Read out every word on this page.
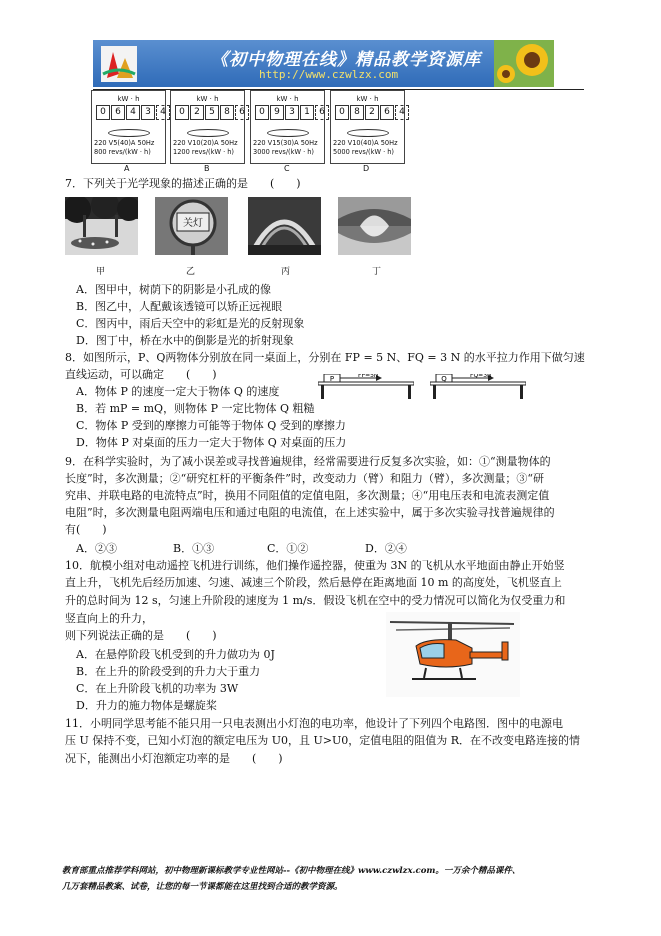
《初中物理在线》精品教学资源库
http://www.czwlzx.com
kW · h
0	6	4	3	4
220 V5(40)A 50Hz
800 revs/(kW · h)
A
kW · h
0	2	5	8	6
220 V10(20)A 50Hz
1200 revs/(kW · h)
B
kW · h
0	9	3	1	6
220 V15(30)A 50Hz
3000 revs/(kW · h)
C
kW · h
0	8	2	6	4
220 V10(40)A 50Hz
5000 revs/(kW · h)
D
7．下列关于光学现象的描述正确的是　　(　　)
关灯
甲	乙	丙	丁
A．图甲中，树荫下的阴影是小孔成的像
B．图乙中，人配戴该透镜可以矫正远视眼
C．图丙中，雨后天空中的彩虹是光的反射现象
D．图丁中，桥在水中的倒影是光的折射现象
8．如图所示，P、Q两物体分别放在同一桌面上，分别在 FP = 5 N、FQ = 3 N 的水平拉力作用下做匀速
直线运动，可以确定　　(　　)	P	FP=5N	Q	FQ=3N
A．物体 P 的速度一定大于物体 Q 的速度
B．若 mP = mQ，则物体 P 一定比物体 Q 粗糙
C．物体 P 受到的摩擦力可能等于物体 Q 受到的摩擦力
D．物体 P 对桌面的压力一定大于物体 Q 对桌面的压力
9．在科学实验时，为了减小误差或寻找普遍规律，经常需要进行反复多次实验，如：①“测量物体的
长度”时，多次测量；②“研究杠杆的平衡条件”时，改变动力（臂）和阻力（臂），多次测量；③“研
究串、并联电路的电流特点”时，换用不同阻值的定值电阻，多次测量；④“用电压表和电流表测定值
电阻”时，多次测量电阻两端电压和通过电阻的电流值，在上述实验中，属于多次实验寻找普遍规律的
有(　　)
A．②③	B．①③	C．①②	D．②④
10．航模小组对电动遥控飞机进行训练，他们操作遥控器，使重为 3N 的飞机从水平地面由静止开始竖
直上升，飞机先后经历加速、匀速、减速三个阶段，然后悬停在距离地面 10 m 的高度处，飞机竖直上
升的总时间为 12 s，匀速上升阶段的速度为 1 m/s．假设飞机在空中的受力情况可以简化为仅受重力和
竖直向上的升力，
则下列说法正确的是　　(　　)
A．在悬停阶段飞机受到的升力做功为 0J
B．在上升的阶段受到的升力大于重力
C．在上升阶段飞机的功率为 3W
D．升力的施力物体是螺旋桨
11．小明同学思考能不能只用一只电表测出小灯泡的电功率，他设计了下列四个电路图．图中的电源电
压 U 保持不变，已知小灯泡的额定电压为 U0，且 U>U0，定值电阻的阻值为 R．在不改变电路连接的情
况下，能测出小灯泡额定功率的是　　(　　)
教育部重点推荐学科网站，初中物理新课标教学专业性网站--《初中物理在线》www.czwlzx.com。一万余个精品课件、
几万套精品教案、试卷，让您的每一节课都能在这里找到合适的教学资源。
